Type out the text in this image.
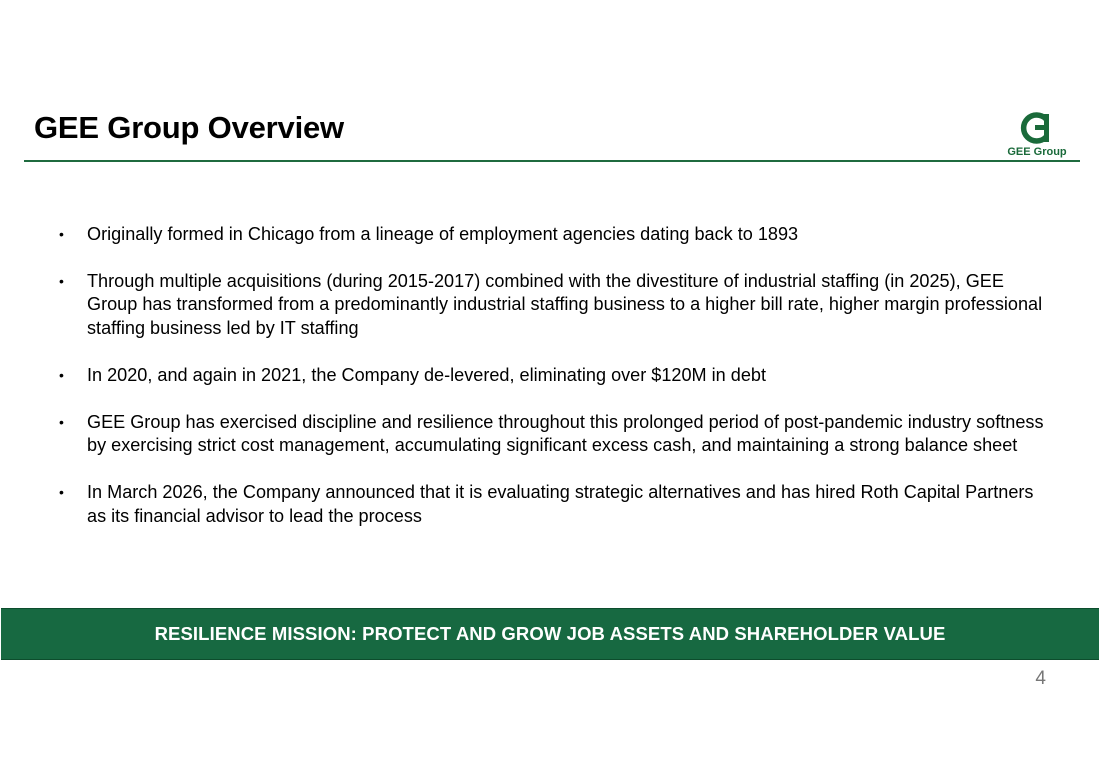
GEE Group Overview
GEE Group
• Originally formed in Chicago from a lineage of employment agencies dating back to 1893
• Through multiple acquisitions (during 2015-2017) combined with the divestiture of industrial staffing (in 2025), GEE Group has transformed from a predominantly industrial staffing business to a higher bill rate, higher margin professional staffing business led by IT staffing
• In 2020, and again in 2021, the Company de-levered, eliminating over $120M in debt
• GEE Group has exercised discipline and resilience throughout this prolonged period of post-pandemic industry softness by exercising strict cost management, accumulating significant excess cash, and maintaining a strong balance sheet
• In March 2026, the Company announced that it is evaluating strategic alternatives and has hired Roth Capital Partners as its financial advisor to lead the process
RESILIENCE MISSION: PROTECT AND GROW JOB ASSETS AND SHAREHOLDER VALUE
4
